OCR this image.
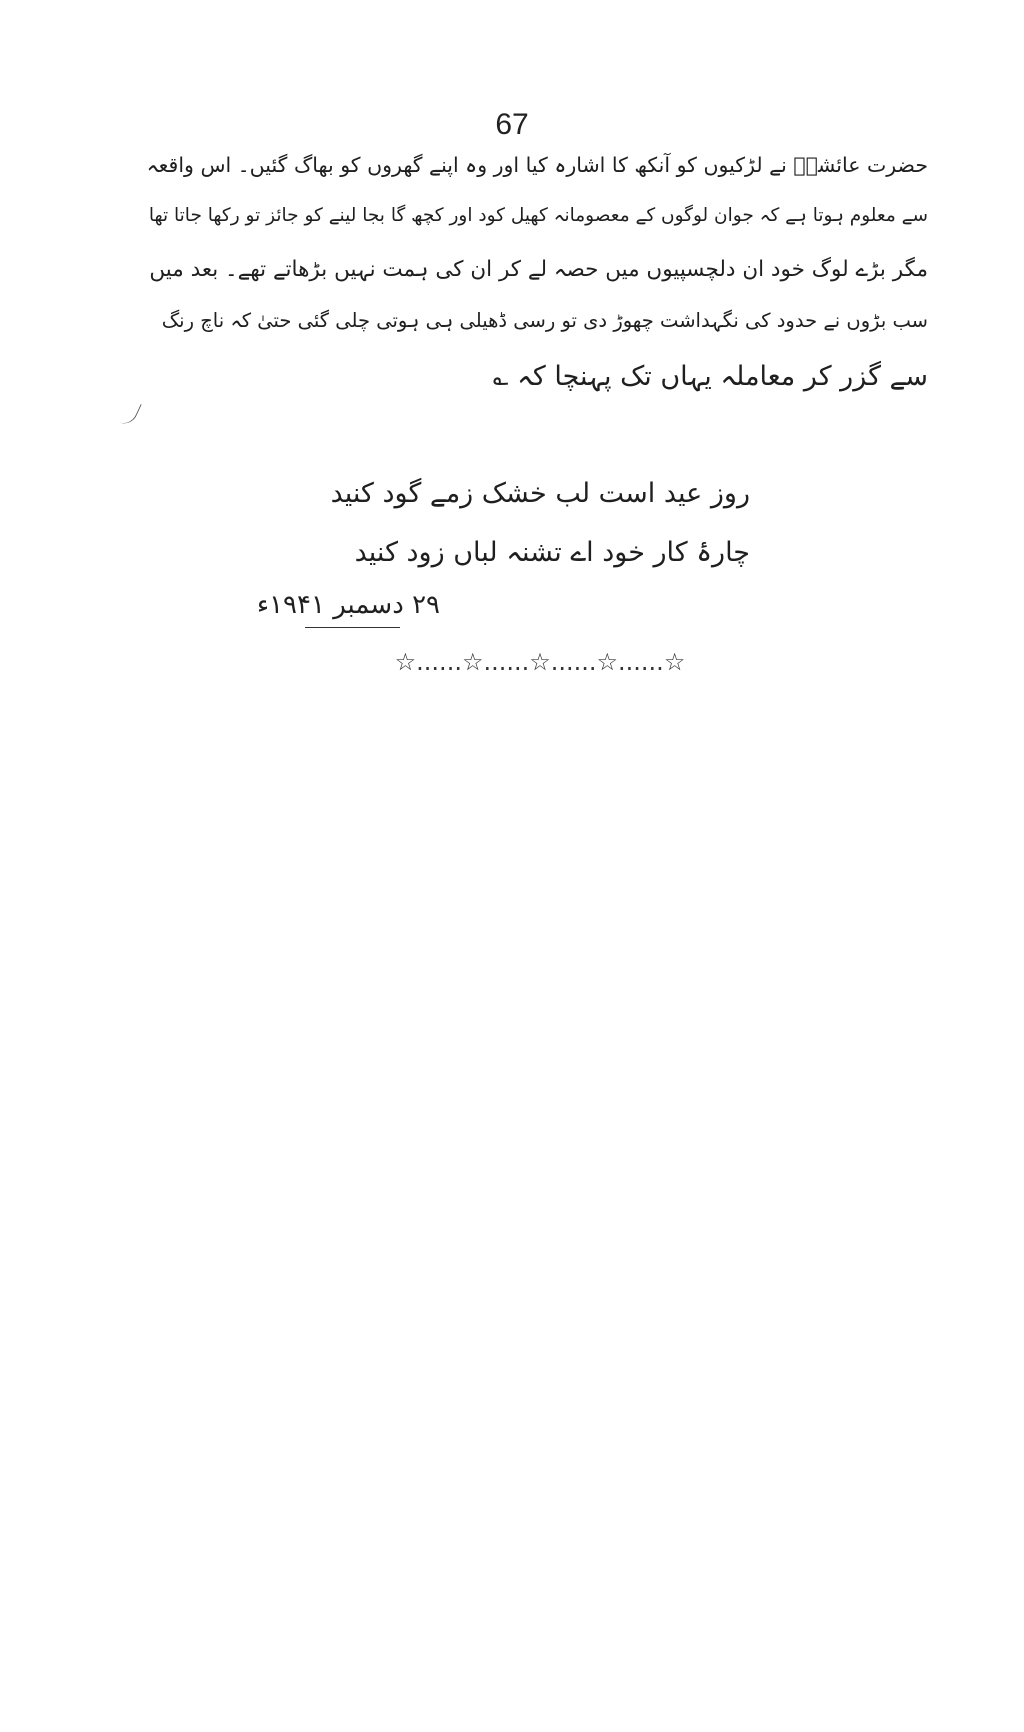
67
حضرت عائشہؓ نے لڑکیوں کو آنکھ کا اشارہ کیا اور وہ اپنے گھروں کو بھاگ گئیں۔ اس واقعہ
سے معلوم ہوتا ہے کہ جوان لوگوں کے معصومانہ کھیل کود اور کچھ گا بجا لینے کو جائز تو رکھا جاتا تھا
مگر بڑے لوگ خود ان دلچسپیوں میں حصہ لے کر ان کی ہمت نہیں بڑھاتے تھے۔ بعد میں
سب بڑوں نے حدود کی نگہداشت چھوڑ دی تو رسی ڈھیلی ہی ہوتی چلی گئی حتیٰ کہ ناچ رنگ
سے گزر کر معاملہ یہاں تک پہنچا کہ ؎
روز عید است لب خشک زمے گود کنید
چارۂ کار خود اے تشنہ لباں زود کنید
۲۹ دسمبر ۱۹۴۱ء
☆......☆......☆......☆......☆
